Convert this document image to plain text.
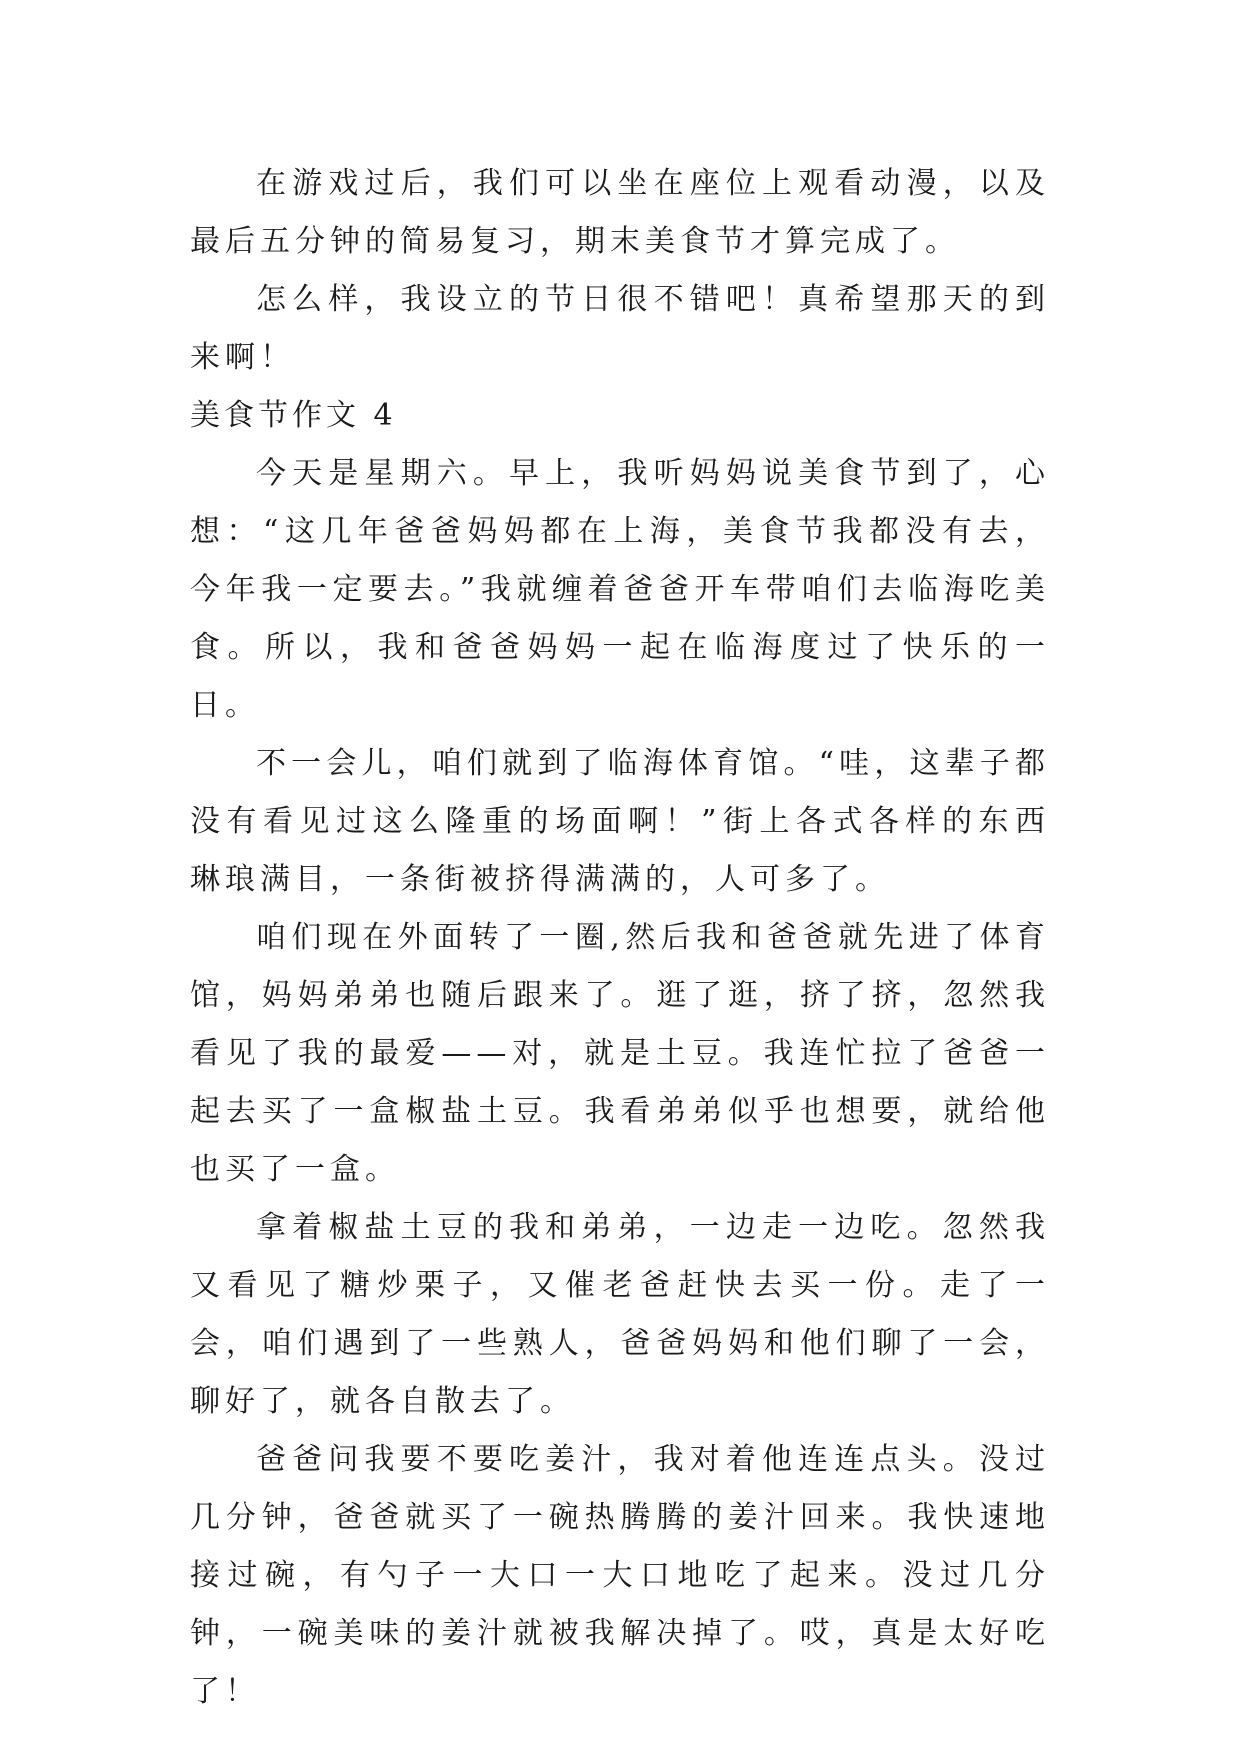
在游戏过后，我们可以坐在座位上观看动漫，以及最后五分钟的简易复习，期末美食节才算完成了。

怎么样，我设立的节日很不错吧！真希望那天的到来啊！

美食节作文 4

今天是星期六。早上，我听妈妈说美食节到了，心想：“这几年爸爸妈妈都在上海，美食节我都没有去，今年我一定要去。”我就缠着爸爸开车带咱们去临海吃美食。所以，我和爸爸妈妈一起在临海度过了快乐的一日。

不一会儿，咱们就到了临海体育馆。“哇，这辈子都没有看见过这么隆重的场面啊！”街上各式各样的东西琳琅满目，一条街被挤得满满的，人可多了。

咱们现在外面转了一圈,然后我和爸爸就先进了体育馆，妈妈弟弟也随后跟来了。逛了逛，挤了挤，忽然我看见了我的最爱——对，就是土豆。我连忙拉了爸爸一起去买了一盒椒盐土豆。我看弟弟似乎也想要，就给他也买了一盒。

拿着椒盐土豆的我和弟弟，一边走一边吃。忽然我又看见了糖炒栗子，又催老爸赶快去买一份。走了一会，咱们遇到了一些熟人，爸爸妈妈和他们聊了一会，聊好了，就各自散去了。

爸爸问我要不要吃姜汁，我对着他连连点头。没过几分钟，爸爸就买了一碗热腾腾的姜汁回来。我快速地接过碗，有勺子一大口一大口地吃了起来。没过几分钟，一碗美味的姜汁就被我解决掉了。哎，真是太好吃了！
